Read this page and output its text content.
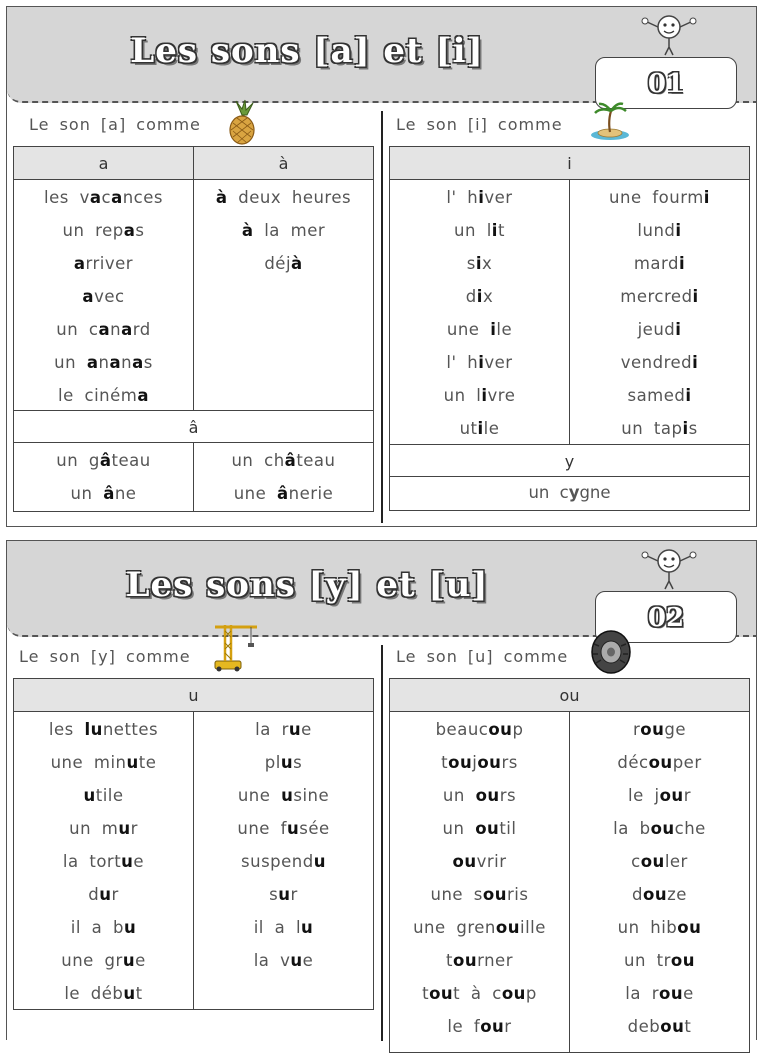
Les sons [a] et [i]
01
Le son [a] comme
a	à
les vacances
un repas
arriver
avec
un canard
un ananas
le cinéma
à deux heures
à la mer
déjà
â
un gâteau
un âne
un château
une ânerie
Le son [i] comme
i
l' hiver
un lit
six
dix
une ile
l' hiver
un livre
utile
une fourmi
lundi
mardi
mercredi
jeudi
vendredi
samedi
un tapis
y
un cygne
Les sons [y] et [u]
02
Le son [y] comme
u
les lunettes
une minute
utile
un mur
la tortue
dur
il a bu
une grue
le début
la rue
plus
une usine
une fusée
suspendu
sur
il a lu
la vue
Le son [u] comme
ou
beaucoup
toujours
un ours
un outil
ouvrir
une souris
une grenouille
tourner
tout à coup
le four
rouge
découper
le jour
la bouche
couler
douze
un hibou
un trou
la roue
debout
